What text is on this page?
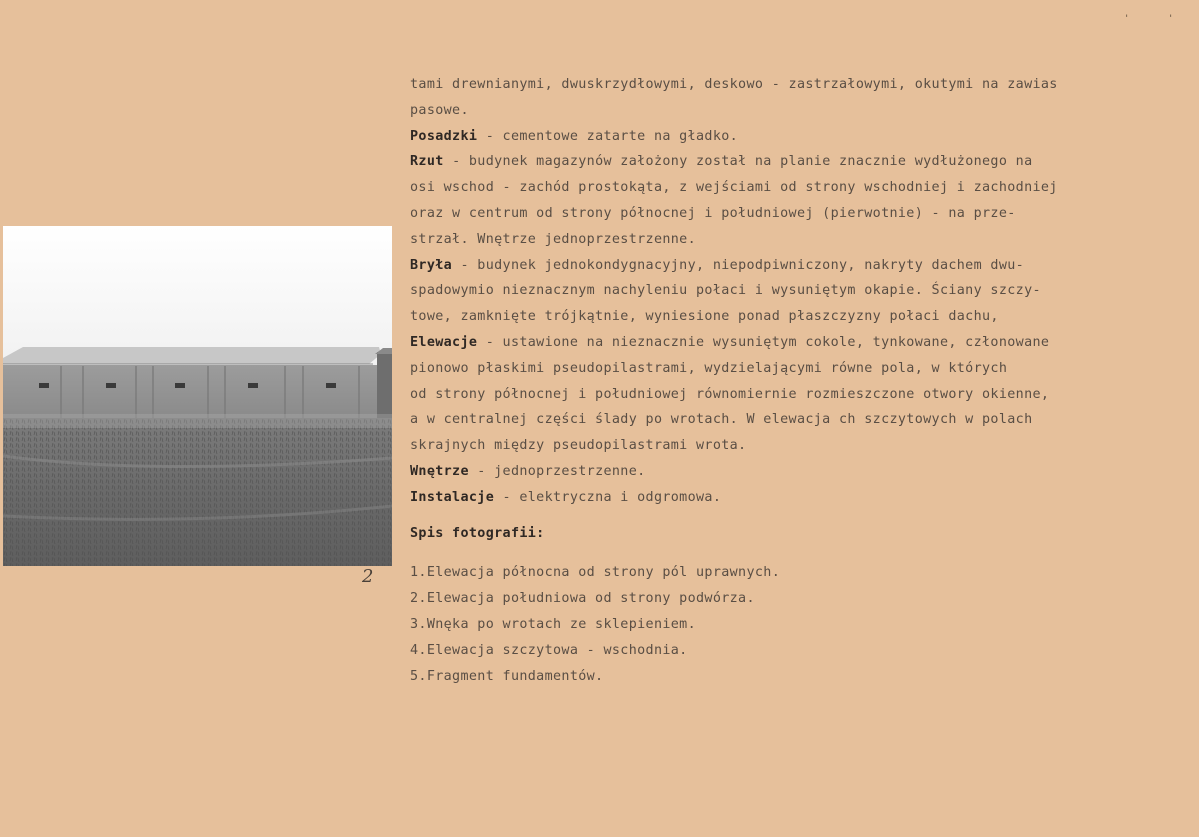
'	'
2
tami drewnianymi, dwuskrzydłowymi, deskowo - zastrzałowymi, okutymi na zawias
pasowe.
Posadzki - cementowe zatarte na gładko.
Rzut - budynek magazynów założony został na planie znacznie wydłużonego na
osi wschod - zachód prostokąta, z wejściami od strony wschodniej i zachodniej
oraz w centrum od strony północnej i południowej (pierwotnie) - na prze-
strzał. Wnętrze jednoprzestrzenne.
Bryła - budynek jednokondygnacyjny, niepodpiwniczony, nakryty dachem dwu-
spadowymio nieznacznym nachyleniu połaci i wysuniętym okapie. Ściany szczy-
towe, zamknięte trójkątnie, wyniesione ponad płaszczyzny połaci dachu,
Elewacje - ustawione na nieznacznie wysuniętym cokole, tynkowane, członowane
pionowo płaskimi pseudopilastrami, wydzielającymi równe pola, w których
od strony północnej i południowej równomiernie rozmieszczone otwory okienne,
a w centralnej części ślady po wrotach. W elewacja ch szczytowych w polach
skrajnych między pseudopilastrami wrota.
Wnętrze - jednoprzestrzenne.
Instalacje - elektryczna i odgromowa.
Spis fotografii:
1.Elewacja północna od strony pól uprawnych.
2.Elewacja południowa od strony podwórza.
3.Wnęka po wrotach ze sklepieniem.
4.Elewacja szczytowa - wschodnia.
5.Fragment fundamentów.
